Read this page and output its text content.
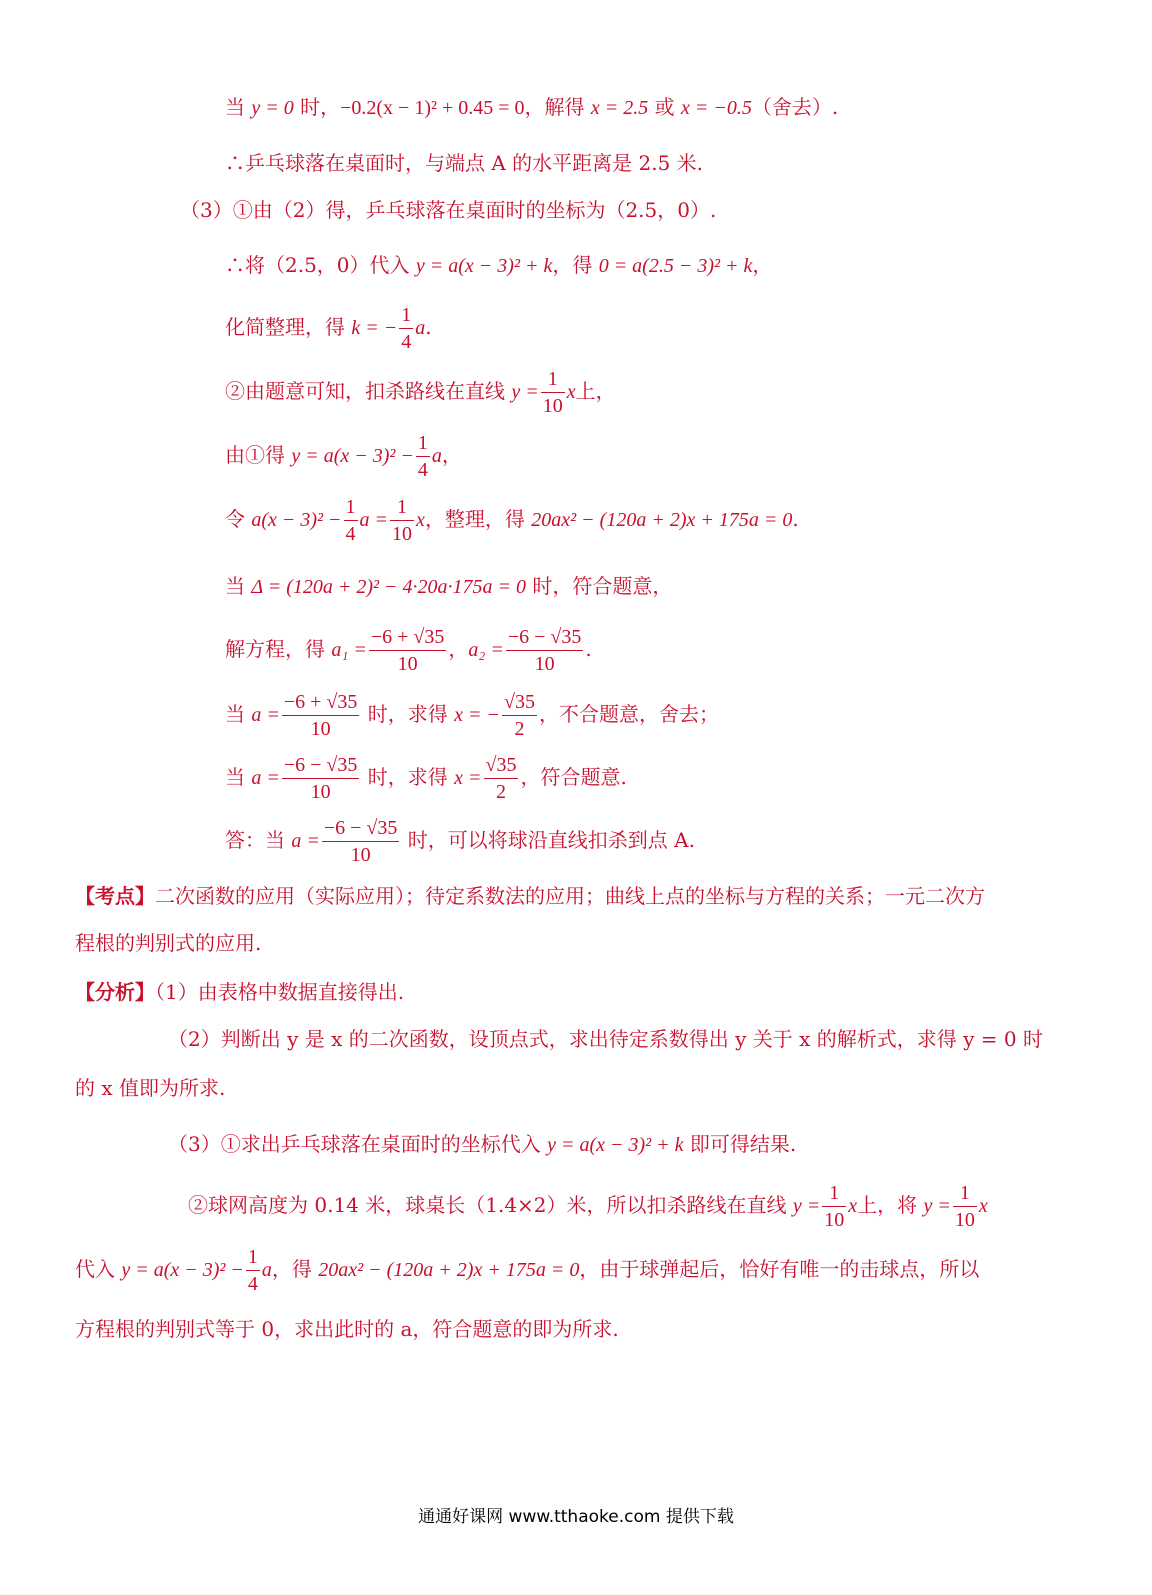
当 y = 0 时，−0.2(x − 1)² + 0.45 = 0，解得 x = 2.5 或 x = −0.5（舍去）.
∴乒乓球落在桌面时，与端点 A 的水平距离是 2.5 米.
（3）①由（2）得，乒乓球落在桌面时的坐标为（2.5，0）.
∴将（2.5，0）代入 y = a(x − 3)² + k，得 0 = a(2.5 − 3)² + k，
化简整理，得 k = − $\frac{1}{4} a$.
②由题意可知，扣杀路线在直线 $y = \frac{1}{10}$ x上，
由①得 $y = a(x - 3)^2 - \frac{1}{4}$ a，
令 $a(x - 3)^2 - \frac{1}{4}$ $a = \frac{1}{10}$ x，整理，得 20ax² − (120a + 2)x + 175a = 0.
当 Δ = (120a + 2)² − 4·20a·175a = 0 时，符合题意，
解方程，得 $a_1 = \frac{-6 + √35}{10}$ ，$a_2 = \frac{-6 - √35}{10}$ .
当 $a = \frac{-6 + √35}{10}$ 时，求得 x = − $\frac{√35}{2}$ ，不合题意，舍去；
当 $a = \frac{-6 - √35}{10}$ 时，求得 $x = \frac{√35}{2}$ ，符合题意.
答：当 $a = \frac{-6 - √35}{10}$ 时，可以将球沿直线扣杀到点 A.
【考点】二次函数的应用（实际应用）；待定系数法的应用；曲线上点的坐标与方程的关系；一元二次方
程根的判别式的应用.
【分析】（1）由表格中数据直接得出.
（2）判断出 y 是 x 的二次函数，设顶点式，求出待定系数得出 y 关于 x 的解析式，求得 y = 0 时
的 x 值即为所求.
（3）①求出乒乓球落在桌面时的坐标代入 y = a(x − 3)² + k 即可得结果.
②球网高度为 0.14 米，球桌长（1.4×2）米，所以扣杀路线在直线 $y = \frac{1}{10}$ x上，将 $y = \frac{1}{10}$ x
代入 $y = a(x - 3)^2 - \frac{1}{4}$ a，得 20ax² − (120a + 2)x + 175a = 0，由于球弹起后，恰好有唯一的击球点，所以
方程根的判别式等于 0，求出此时的 a，符合题意的即为所求.
通通好课网 www.tthaoke.com 提供下载
